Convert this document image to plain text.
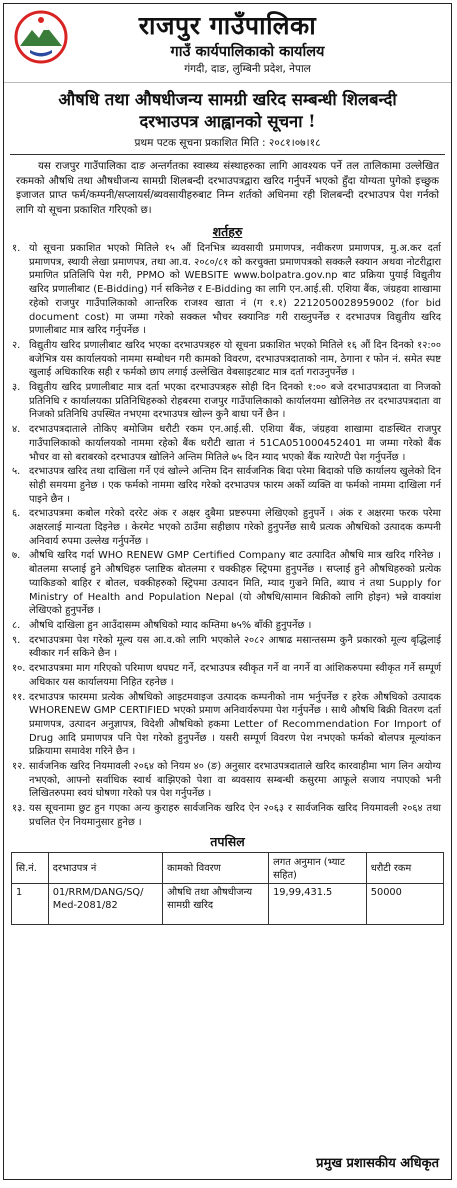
राजपुर गाउँपालिका
गाउँ कार्यपालिकाको कार्यालय
गंगदी, दाङ, लुम्बिनी प्रदेश, नेपाल
औषधि तथा औषधीजन्य सामग्री खरिद सम्बन्धी शिलबन्दी
दरभाउपत्र आह्वानको सूचना !
प्रथम पटक सूचना प्रकाशित मिति : २०८१।०७।१८
यस राजपुर गाउँपालिका दाङ अन्तर्गतका स्वास्थ्य संस्थाहरुका लागि आवश्यक पर्ने तल तालिकामा उल्लेखित रकमको औषधि तथा औषधीजन्य सामग्री शिलबन्दी दरभाउपत्रद्वारा खरिद गर्नुपर्ने भएको हुँदा योग्यता पुगेको इच्छुक इजाजत प्राप्त फर्म/कम्पनी/सप्लायर्स/ब्यवसायीहरुबाट निम्न शर्तको अधिनमा रही शिलबन्दी दरभाउपत्र पेश गर्नको लागि यो सूचना प्रकाशित गरिएको छ।
शर्तहरु
१. यो सूचना प्रकाशित भएको मितिले १५ औं दिनभित्र ब्यवसायी प्रमाणपत्र, नवीकरण प्रमाणपत्र, मु.अ.कर दर्ता प्रमाणपत्र, स्थायी लेखा प्रमाणपत्र, तथा आ.व. २०८०/८१ को करचुक्ता प्रमाणपत्रको सक्कलै स्क्यान अथवा नोटरीद्वारा प्रमाणित प्रतिलिपि पेश गरी, PPMO को WEBSITE www.bolpatra.gov.np बाट प्रक्रिया पुयाई विद्युतीय खरिद प्रणालीबाट (E-Bidding) गर्न सकिनेछ र E-Bidding का लागि एन.आई.सी. एशिया बैंक, जंग्रहवा शाखामा रहेको राजपुर गाउँपालिकाको आन्तरिक राजश्व खाता नं (ग १.१) 221205002895900​2 (for bid document cost) मा जम्मा गरेको सक्कल भौचर स्क्यानिङ गरी राख्नुपर्नेछ र दरभाउपत्र विद्युतीय खरिद प्रणालीबाट मात्र खरिद गर्नुपर्नेछ ।
२. विद्युतीय खरिद प्रणालीबाट खरिद भएका दरभाउपत्रहरु यो सूचना प्रकाशित भएको मितिले १६ औं दिन दिनको १२:०० बजेभित्र यस कार्यालयको नाममा सम्बोधन गरी कामको विवरण, दरभाउपत्रदाताको नाम, ठेगाना र फोन नं. समेत स्पष्ट खुलाई अधिकारिक सही र फर्मको छाप लगाई उल्लेखित वेबसाइटबाट मात्र दर्ता गराउनुपर्नेछ ।
३. विद्युतीय खरिद प्रणालीबाट मात्र दर्ता भएका दरभाउपत्रहरु सोही दिन दिनको १:०० बजे दरभाउपत्रदाता वा निजको प्रतिनिधि र कार्यालयका प्रतिनिधिहरुको रोहबरमा राजपुर गाउँपालिकाको कार्यालयमा खोलिनेछ तर दरभाउपत्रदाता वा निजको प्रतिनिधि उपस्थित नभएमा दरभाउपत्र खोल्न कुनै बाधा पर्ने छैन ।
४. दरभाउपत्रदाताले तोकिए बमोजिम धरौटी रकम एन.आई.सी. एशिया बैंक, जंग्रहवा शाखामा दाङस्थित राजपुर गाउँपालिकाको कार्यालयको नाममा रहेको बैंक धरौटी खाता नं 51CA05100045240​1 मा जम्मा गरेको बैंक भौचर वा सो बराबरको दरभाउपत्र खोलिने अन्तिम मितिले ७५ दिन म्याद भएको बैंक ग्यारेण्टी पेश गर्नुपर्नेछ ।
५. दरभाउपत्र खरिद तथा दाखिला गर्ने एवं खोल्ने अन्तिम दिन सार्वजनिक बिदा परेमा बिदाको पछि कार्यालय खुलेको दिन सोही समयमा हुनेछ । एक फर्मको नाममा खरिद गरेको दरभाउपत्र फारम अर्को व्यक्ति वा फर्मको नाममा दाखिला गर्न पाइने छैन ।
६. दरभाउपत्रमा कबोल गरेको दररेट अंक र अक्षर दुबैमा प्रष्टरुपमा लेखिएको हुनुपर्ने । अंक र अक्षरमा फरक परेमा अक्षरलाई मान्यता दिइनेछ । केरमेट भएको ठाउँमा सहीछाप गरेको हुनुपर्नेछ साथै प्रत्यक औषधिको उत्पादक कम्पनी अनिवार्य रुपमा उल्लेख गर्नुपर्नेछ ।
७. औषधि खरिद गर्दा WHO RENEW GMP Certified Company बाट उत्पादित औषधि मात्र खरिद गरिनेछ । बोतलमा सप्लाई हुने औषधिहरु प्लाष्टिक बोतलमा र चक्कीहरु स्ट्रिपमा हुनुपर्नेछ । सप्लाई हुने औषधिहरुको प्रत्येक प्याकिङको बाहिर र बोतल, चक्कीहरुको स्ट्रिपमा उत्पादन मिति, म्याद गुज्रने मिति, ब्याच नं तथा Supply for Ministry of Health and Population Nepal (यो औषधि/सामान बिक्रीको लागि होइन) भन्ने वाक्यांश लेखिएको हुनुपर्नेछ ।
८. औषधि दाखिला हुन आउँदासम्म औषधिको म्याद कम्तिमा ७५% बाँकी हुनुपर्नेछ ।
९. दरभाउपत्रमा पेश गरेको मूल्य यस आ.व.को लागि भएकोले २०८२ आषाढ मसान्तसम्म कुनै प्रकारको मूल्य बृद्धिलाई स्वीकार गर्न सकिने छैन ।
१०. दरभाउपत्रमा माग गरिएको परिमाण थपघट गर्ने, दरभाउपत्र स्वीकृत गर्ने वा नगर्ने वा आंशिकरुपमा स्वीकृत गर्ने सम्पूर्ण अधिकार यस कार्यालयमा निहित रहनेछ ।
११. दरभाउपत्र फारममा प्रत्येक औषधिको आइटमवाइज उत्पादक कम्पनीको नाम भर्नुपर्नेछ र हरेक औषधिको उत्पादक WHORENEW GMP CERTIFIED भएको प्रमाण अनिवार्यरुपमा पेश गर्नुपर्नेछ । साथै औषधि बिक्री वितरण दर्ता प्रमाणपत्र, उत्पादन अनुज्ञापत्र, विदेशी औषधिको हकमा Letter of Recommendation For Import of Drug आदि प्रमाणपत्र पनि पेश गरेको हुनुपर्नेछ । यसरी सम्पूर्ण विवरण पेश नभएको फर्मको बोलपत्र मूल्यांकन प्रक्रियामा समावेश गरिने छैन ।
१२. सार्वजनिक खरिद नियमावली २०६४ को नियम ४० (ङ) अनुसार दरभाउपत्रदाताले खरिद कारवाहीमा भाग लिन अयोग्य नभएको, आफ्नो सर्वाधिक स्वार्थ बाझिएको पेशा वा ब्यवसाय सम्बन्धी कसुरमा आफूले सजाय नपाएको भनी लिखितरुपमा स्वयं घोषणा गरेको पत्र पेश गर्नुपर्नेछ ।
१३. यस सूचनामा छुट हुन गएका अन्य कुराहरु सार्वजनिक खरिद ऐन २०६३ र सार्वजनिक खरिद नियमावली २०६४ तथा प्रचलित ऐन नियमानुसार हुनेछ ।
तपसिल
सि.नं.	दरभाउपत्र नं	कामको विवरण	लगत अनुमान (भ्याट सहित)	धरौटी रकम
1	01/RRM/DANG/SQ/ Med-2081/82	औषधि तथा औषधीजन्य सामग्री खरिद	19,99,431.5	50000
प्रमुख प्रशासकीय अधिकृत
